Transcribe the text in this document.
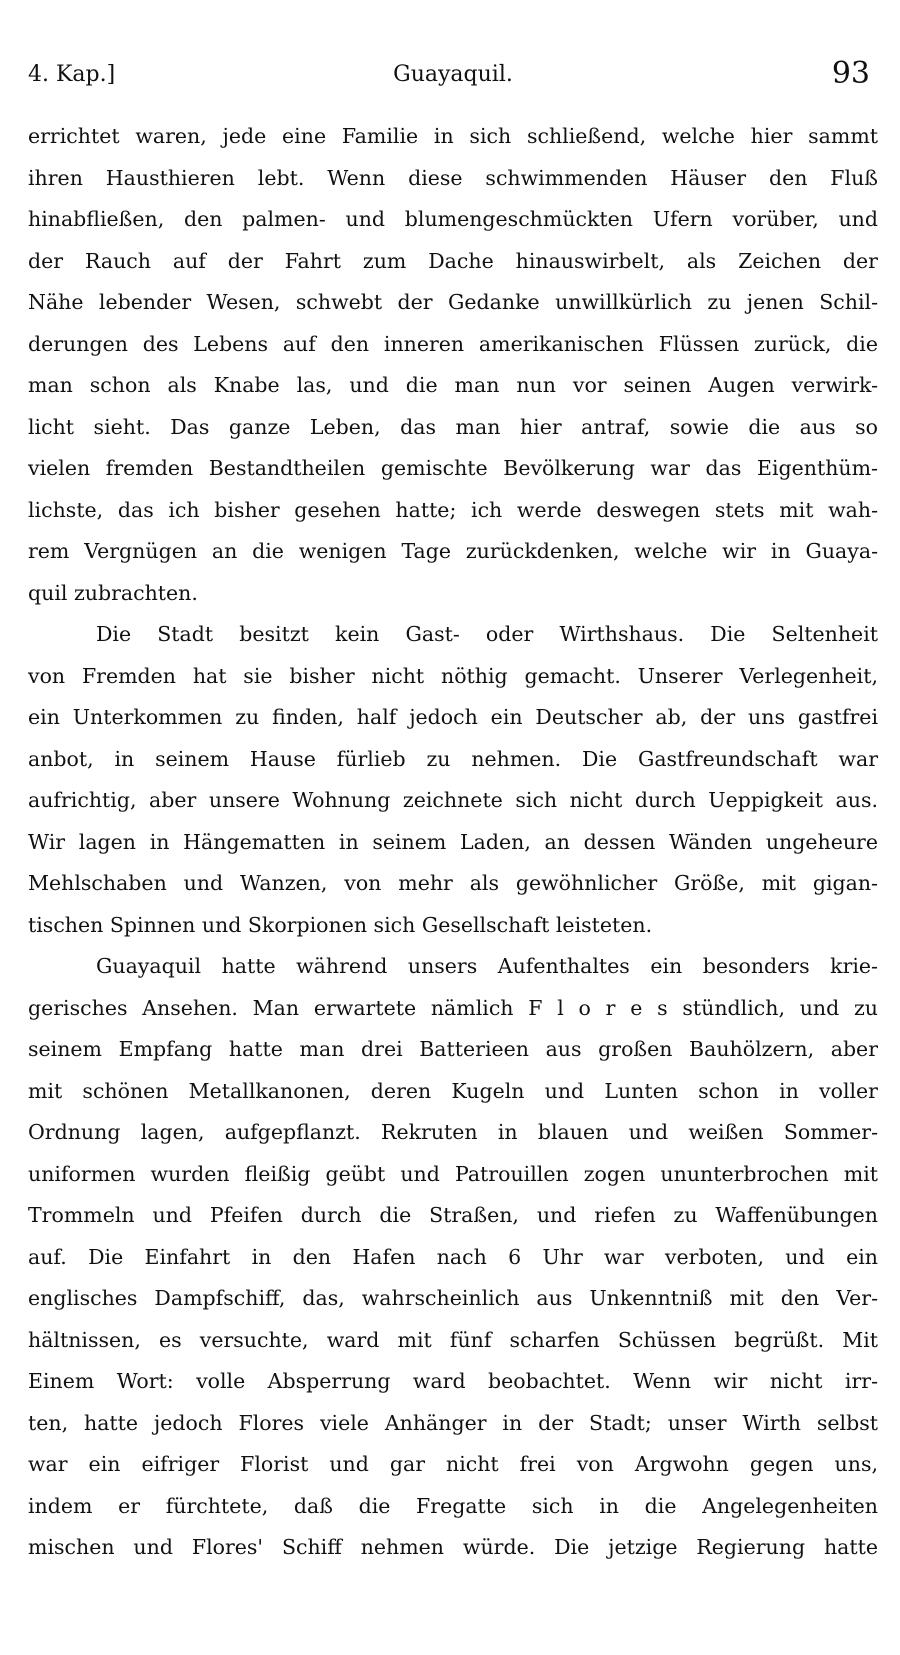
4. Kap.]	Guayaquil.	93
errichtet waren, jede eine Familie in sich schließend, welche hier sammt
ihren Hausthieren lebt. Wenn diese schwimmenden Häuser den Fluß
hinabfließen, den palmen- und blumengeschmückten Ufern vorüber, und
der Rauch auf der Fahrt zum Dache hinauswirbelt, als Zeichen der
Nähe lebender Wesen, schwebt der Gedanke unwillkürlich zu jenen Schil-
derungen des Lebens auf den inneren amerikanischen Flüssen zurück, die
man schon als Knabe las, und die man nun vor seinen Augen verwirk-
licht sieht. Das ganze Leben, das man hier antraf, sowie die aus so
vielen fremden Bestandtheilen gemischte Bevölkerung war das Eigenthüm-
lichste, das ich bisher gesehen hatte; ich werde deswegen stets mit wah-
rem Vergnügen an die wenigen Tage zurückdenken, welche wir in Guaya-
quil zubrachten.
Die Stadt besitzt kein Gast- oder Wirthshaus. Die Seltenheit
von Fremden hat sie bisher nicht nöthig gemacht. Unserer Verlegenheit,
ein Unterkommen zu finden, half jedoch ein Deutscher ab, der uns gastfrei
anbot, in seinem Hause fürlieb zu nehmen. Die Gastfreundschaft war
aufrichtig, aber unsere Wohnung zeichnete sich nicht durch Ueppigkeit aus.
Wir lagen in Hängematten in seinem Laden, an dessen Wänden ungeheure
Mehlschaben und Wanzen, von mehr als gewöhnlicher Größe, mit gigan-
tischen Spinnen und Skorpionen sich Gesellschaft leisteten.
Guayaquil hatte während unsers Aufenthaltes ein besonders krie-
gerisches Ansehen. Man erwartete nämlich F l o r e s stündlich, und zu
seinem Empfang hatte man drei Batterieen aus großen Bauhölzern, aber
mit schönen Metallkanonen, deren Kugeln und Lunten schon in voller
Ordnung lagen, aufgepflanzt. Rekruten in blauen und weißen Sommer-
uniformen wurden fleißig geübt und Patrouillen zogen ununterbrochen mit
Trommeln und Pfeifen durch die Straßen, und riefen zu Waffenübungen
auf. Die Einfahrt in den Hafen nach 6 Uhr war verboten, und ein
englisches Dampfschiff, das, wahrscheinlich aus Unkenntniß mit den Ver-
hältnissen, es versuchte, ward mit fünf scharfen Schüssen begrüßt. Mit
Einem Wort: volle Absperrung ward beobachtet. Wenn wir nicht irr-
ten, hatte jedoch Flores viele Anhänger in der Stadt; unser Wirth selbst
war ein eifriger Florist und gar nicht frei von Argwohn gegen uns,
indem er fürchtete, daß die Fregatte sich in die Angelegenheiten
mischen und Flores' Schiff nehmen würde. Die jetzige Regierung hatte
